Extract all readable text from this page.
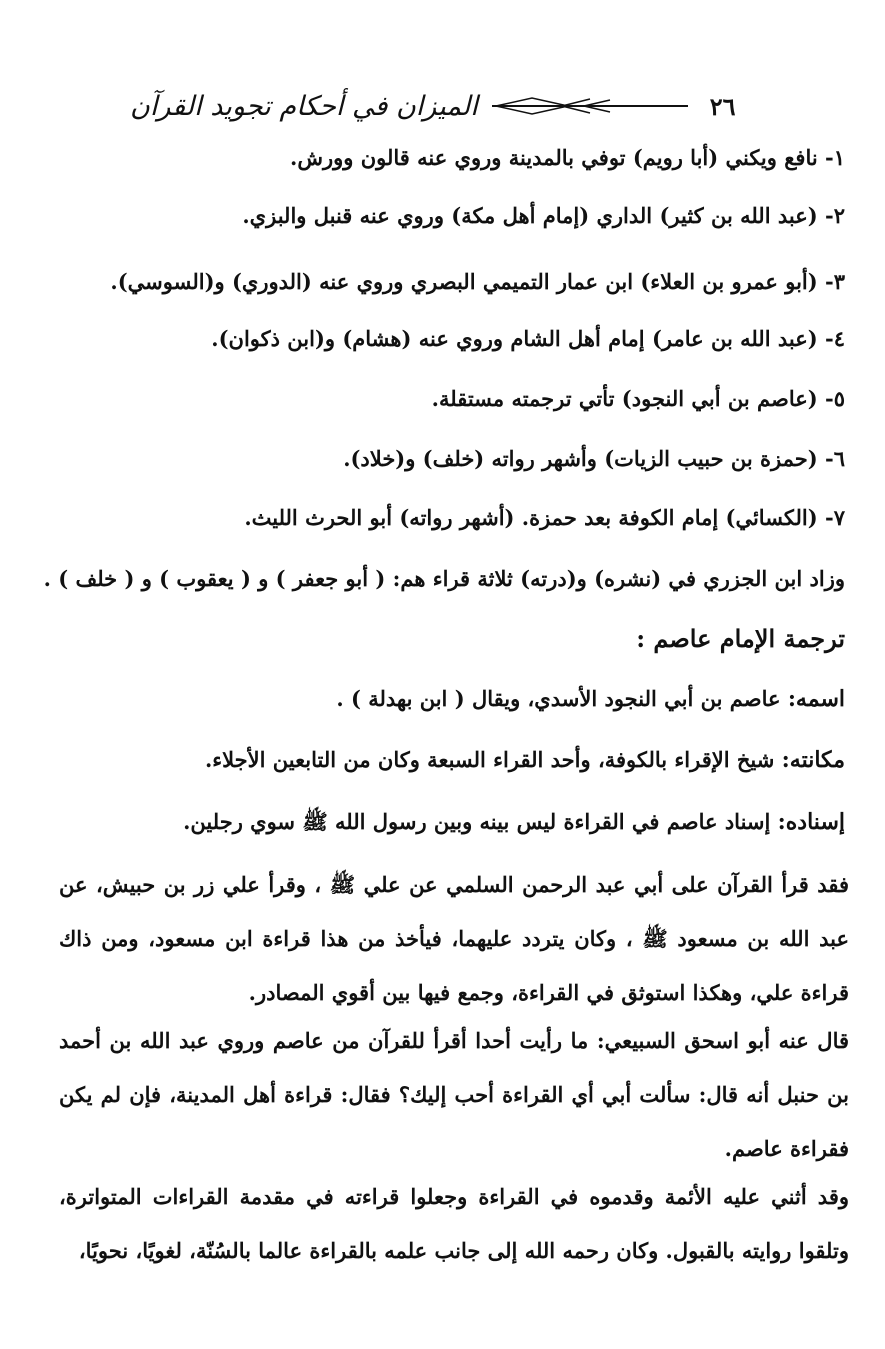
الميزان في أحكام تجويد القرآن	٢٦
١- نافع ويكني (أبا رويم) توفي بالمدينة وروي عنه قالون وورش.
٢- (عبد الله بن كثير) الداري (إمام أهل مكة) وروي عنه قنبل والبزي.
٣- (أبو عمرو بن العلاء) ابن عمار التميمي البصري وروي عنه (الدوري) و(السوسي).
٤- (عبد الله بن عامر) إمام أهل الشام وروي عنه (هشام) و(ابن ذكوان).
٥- (عاصم بن أبي النجود) تأتي ترجمته مستقلة.
٦- (حمزة بن حبيب الزيات) وأشهر رواته (خلف) و(خلاد).
٧- (الكسائي) إمام الكوفة بعد حمزة. (أشهر رواته) أبو الحرث الليث.
وزاد ابن الجزري في (نشره) و(درته) ثلاثة قراء هم: ( أبو جعفر ) و ( يعقوب ) و ( خلف ) .
ترجمة الإمام عاصم :
اسمه: عاصم بن أبي النجود الأسدي، ويقال ( ابن بهدلة ) .
مكانته: شيخ الإقراء بالكوفة، وأحد القراء السبعة وكان من التابعين الأجلاء.
إسناده: إسناد عاصم في القراءة ليس بينه وبين رسول الله ﷺ سوي رجلين.

فقد قرأ القرآن على أبي عبد الرحمن السلمي عن علي ﷺ ، وقرأ علي زر بن حبيش، عن عبد الله بن مسعود ﷺ ، وكان يتردد عليهما، فيأخذ من هذا قراءة ابن مسعود، ومن ذاك قراءة علي، وهكذا استوثق في القراءة، وجمع فيها بين أقوي المصادر.

قال عنه أبو اسحق السبيعي: ما رأيت أحدا أقرأ للقرآن من عاصم وروي عبد الله بن أحمد بن حنبل أنه قال: سألت أبي أي القراءة أحب إليك؟ فقال: قراءة أهل المدينة، فإن لم يكن فقراءة عاصم.

وقد أثني عليه الأئمة وقدموه في القراءة وجعلوا قراءته في مقدمة القراءات المتواترة، وتلقوا روايته بالقبول. وكان رحمه الله إلى جانب علمه بالقراءة عالما بالسُنّة، لغويًا، نحويًا،
